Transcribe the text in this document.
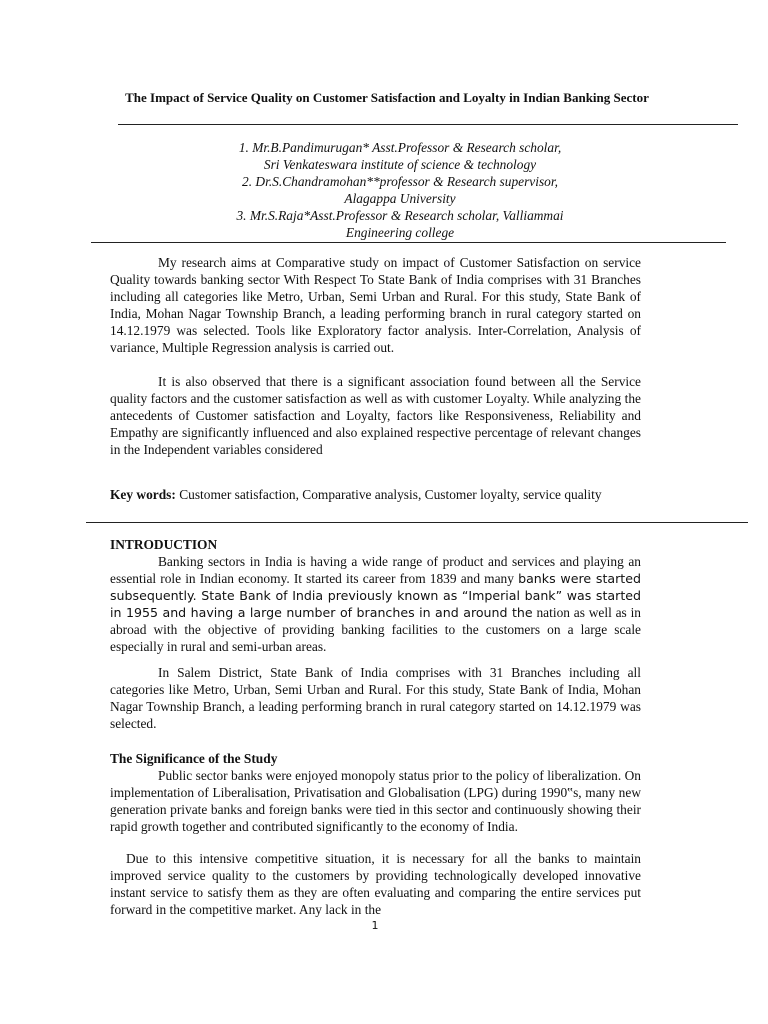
The Impact of Service Quality on Customer Satisfaction and Loyalty in Indian Banking Sector
1. Mr.B.Pandimurugan* Asst.Professor & Research scholar,
Sri Venkateswara institute of science & technology
2. Dr.S.Chandramohan**professor & Research supervisor,
Alagappa University
3. Mr.S.Raja*Asst.Professor & Research scholar, Valliammai
Engineering college
My research aims at Comparative study on impact of Customer Satisfaction on service Quality towards banking sector With Respect To State Bank of India comprises with 31 Branches including all categories like Metro, Urban, Semi Urban and Rural. For this study, State Bank of India, Mohan Nagar Township Branch, a leading performing branch in rural category started on 14.12.1979 was selected. Tools like Exploratory factor analysis. Inter-Correlation, Analysis of variance, Multiple Regression analysis is carried out.
It is also observed that there is a significant association found between all the Service quality factors and the customer satisfaction as well as with customer Loyalty. While analyzing the antecedents of Customer satisfaction and Loyalty, factors like Responsiveness, Reliability and Empathy are significantly influenced and also explained respective percentage of relevant changes in the Independent variables considered
Key words: Customer satisfaction, Comparative analysis, Customer loyalty, service quality
INTRODUCTION
Banking sectors in India is having a wide range of product and services and playing an essential role in Indian economy. It started its career from 1839 and many banks were started subsequently. State Bank of India previously known as “Imperial bank” was started in 1955 and having a large number of branches in and around the nation as well as in abroad with the objective of providing banking facilities to the customers on a large scale especially in rural and semi-urban areas.
In Salem District, State Bank of India comprises with 31 Branches including all categories like Metro, Urban, Semi Urban and Rural. For this study, State Bank of India, Mohan Nagar Township Branch, a leading performing branch in rural category started on 14.12.1979 was selected.
The Significance of the Study
Public sector banks were enjoyed monopoly status prior to the policy of liberalization. On implementation of Liberalisation, Privatisation and Globalisation (LPG) during 1990‟s, many new generation private banks and foreign banks were tied in this sector and continuously showing their rapid growth together and contributed significantly to the economy of India.
Due to this intensive competitive situation, it is necessary for all the banks to maintain improved service quality to the customers by providing technologically developed innovative instant service to satisfy them as they are often evaluating and comparing the entire services put forward in the competitive market. Any lack in the
1
